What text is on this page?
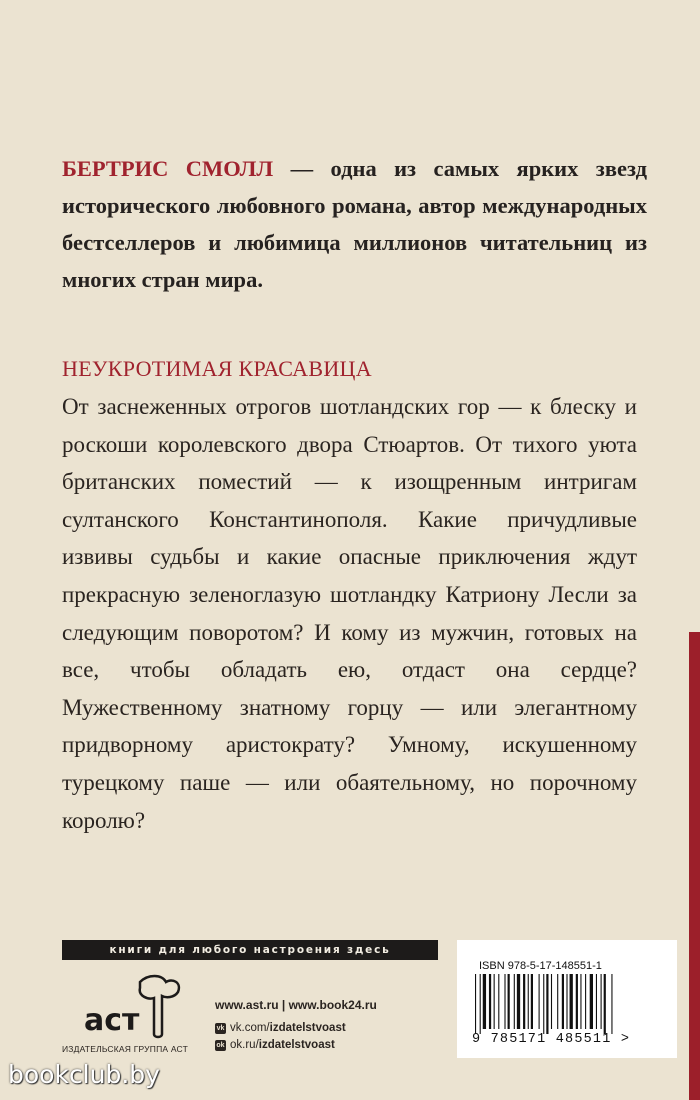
БЕРТРИС СМОЛЛ — одна из самых ярких звезд исторического любовного романа, автор международных бестселлеров и любимица миллионов читательниц из многих стран мира.
НЕУКРОТИМАЯ КРАСАВИЦА

От заснеженных отрогов шотландских гор — к блеску и роскоши королевского двора Стюартов. От тихого уюта британских поместий — к изощренным интригам султанского Константинополя. Какие причудливые извивы судьбы и какие опасные приключения ждут прекрасную зеленоглазую шотландку Катриону Лесли за следующим поворотом? И кому из мужчин, готовых на все, чтобы обладать ею, отдаст она сердце? Мужественному знатному горцу — или элегантному придворному аристократу? Умному, искушенному турецкому паше — или обаятельному, но порочному королю?

книги для любого настроения здесь
аст
ИЗДАТЕЛЬСКАЯ ГРУППА АСТ
www.ast.ru | www.book24.ru
vk vk.com/izdatelstvoast
ok ok.ru/izdatelstvoast
ISBN 978-5-17-148551-1
9 785171 485511 >
bookclub.by
